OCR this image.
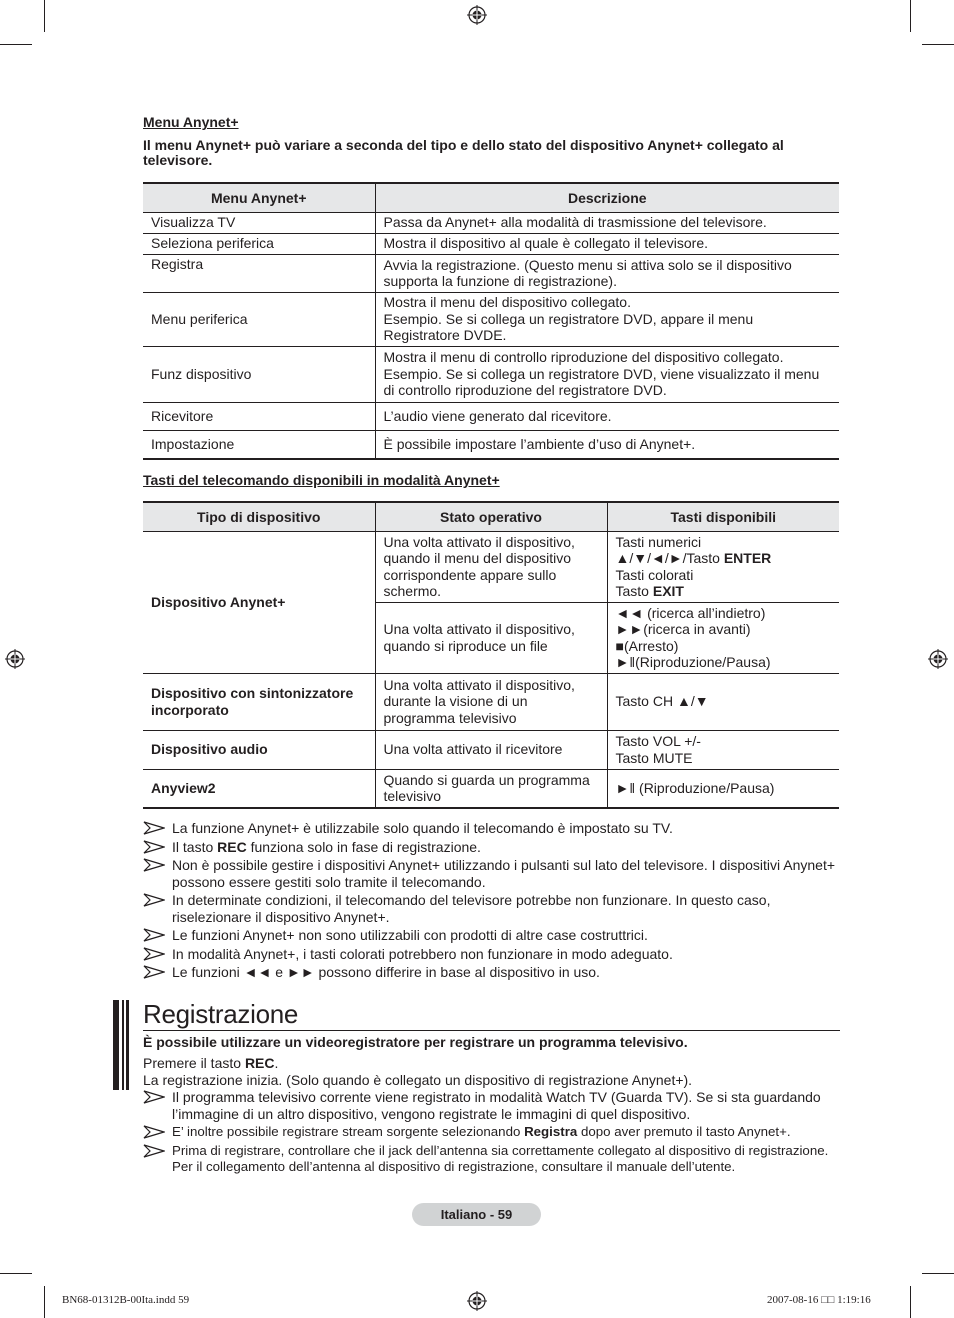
Menu Anynet+
Il menu Anynet+ può variare a seconda del tipo e dello stato del dispositivo Anynet+ collegato al televisore.
Menu Anynet+	Descrizione
Visualizza TV	Passa da Anynet+ alla modalità di trasmissione del televisore.
Seleziona periferica	Mostra il dispositivo al quale è collegato il televisore.
Registra	Avvia la registrazione. (Questo menu si attiva solo se il dispositivo supporta la funzione di registrazione).
Menu periferica	Mostra il menu del dispositivo collegato.
Esempio. Se si collega un registratore DVD, appare il menu Registratore DVDE.
Funz dispositivo	Mostra il menu di controllo riproduzione del dispositivo collegato.
Esempio. Se si collega un registratore DVD, viene visualizzato il menu di controllo riproduzione del registratore DVD.
Ricevitore	L’audio viene generato dal ricevitore.
Impostazione	È possibile impostare l’ambiente d’uso di Anynet+.
Tasti del telecomando disponibili in modalità Anynet+
Tipo di dispositivo	Stato operativo	Tasti disponibili
Dispositivo Anynet+	Una volta attivato il dispositivo, quando il menu del dispositivo corrispondente appare sullo schermo.	Tasti numerici
▲/▼/◄/►/Tasto ENTER
Tasti colorati
Tasto EXIT

	Una volta attivato il dispositivo, quando si riproduce un file	◄◄ (ricerca all’indietro)
►►(ricerca in avanti)
■(Arresto)
►‖(Riproduzione/Pausa)

Dispositivo con sintonizzatore incorporato	Una volta attivato il dispositivo, durante la visione di un programma televisivo	Tasto CH ▲/▼
Dispositivo audio	Una volta attivato il ricevitore	Tasto VOL +/-
Tasto MUTE

Anyview2	Quando si guarda un programma televisivo	►‖ (Riproduzione/Pausa)
La funzione Anynet+ è utilizzabile solo quando il telecomando è impostato su TV.
Il tasto REC funziona solo in fase di registrazione.
Non è possibile gestire i dispositivi Anynet+ utilizzando i pulsanti sul lato del televisore. I dispositivi Anynet+ possono essere gestiti solo tramite il telecomando.
In determinate condizioni, il telecomando del televisore potrebbe non funzionare. In questo caso, riselezionare il dispositivo Anynet+.
Le funzioni Anynet+ non sono utilizzabili con prodotti di altre case costruttrici.
In modalità Anynet+, i tasti colorati potrebbero non funzionare in modo adeguato.
Le funzioni ◄◄ e ►► possono differire in base al dispositivo in uso.
Registrazione
È possibile utilizzare un videoregistratore per registrare un programma televisivo.
Premere il tasto REC.
La registrazione inizia. (Solo quando è collegato un dispositivo di registrazione Anynet+).
Il programma televisivo corrente viene registrato in modalità Watch TV (Guarda TV). Se si sta guardando l’immagine di un altro dispositivo, vengono registrate le immagini di quel dispositivo.
E’ inoltre possibile registrare stream sorgente selezionando Registra dopo aver premuto il tasto Anynet+.
Prima di registrare, controllare che il jack dell’antenna sia correttamente collegato al dispositivo di registrazione. Per il collegamento dell’antenna al dispositivo di registrazione, consultare il manuale dell’utente.
Italiano - 59
BN68-01312B-00Ita.indd 59	2007-08-16 □□ 1:19:16
